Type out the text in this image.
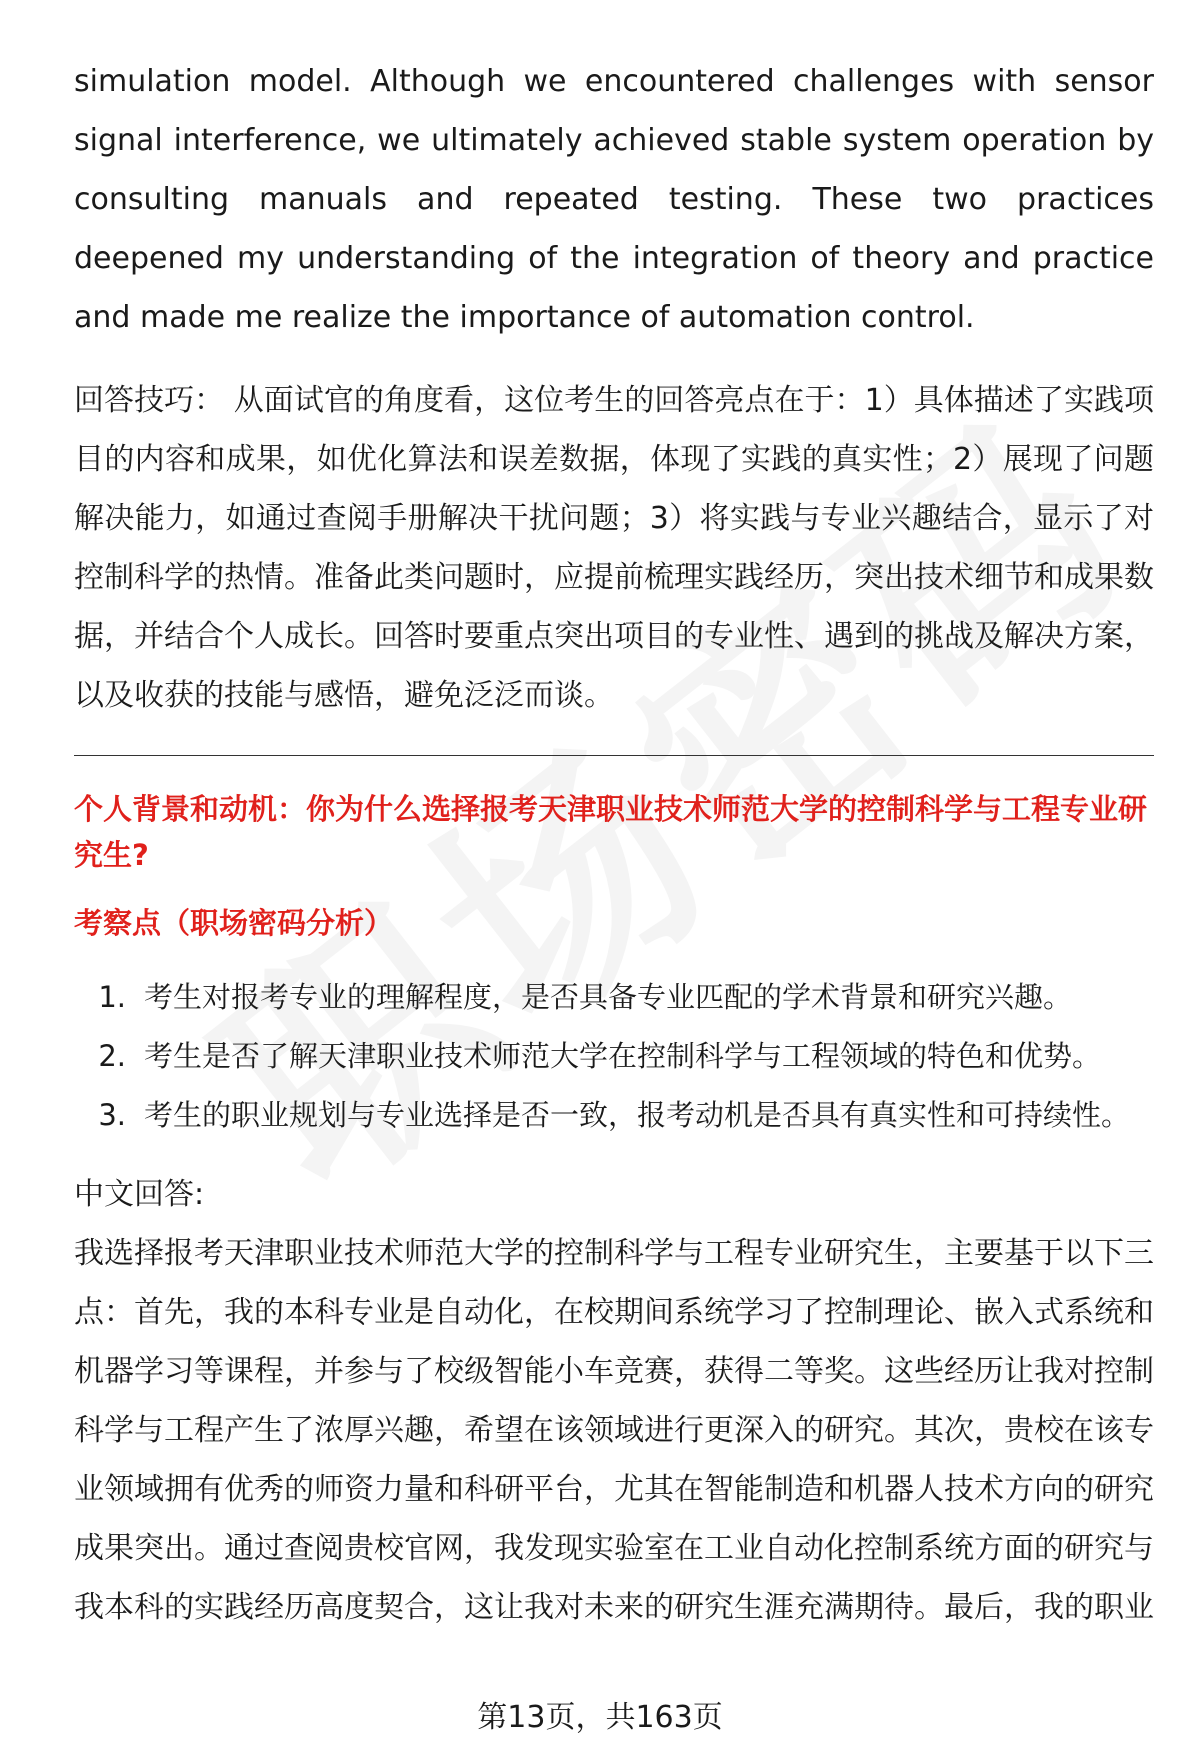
simulation model. Although we encountered challenges with sensor signal interference, we ultimately achieved stable system operation by consulting manuals and repeated testing. These two practices deepened my understanding of the integration of theory and practice and made me realize the importance of automation control.

回答技巧： 从面试官的角度看，这位考生的回答亮点在于：1）具体描述了实践项目的内容和成果，如优化算法和误差数据，体现了实践的真实性；2）展现了问题解决能力，如通过查阅手册解决干扰问题；3）将实践与专业兴趣结合，显示了对控制科学的热情。准备此类问题时，应提前梳理实践经历，突出技术细节和成果数据，并结合个人成长。回答时要重点突出项目的专业性、遇到的挑战及解决方案，以及收获的技能与感悟，避免泛泛而谈。

个人背景和动机：你为什么选择报考天津职业技术师范大学的控制科学与工程专业研究生?

考察点（职场密码分析）

1. 考生对报考专业的理解程度，是否具备专业匹配的学术背景和研究兴趣。
2. 考生是否了解天津职业技术师范大学在控制科学与工程领域的特色和优势。
3. 考生的职业规划与专业选择是否一致，报考动机是否具有真实性和可持续性。

中文回答:

我选择报考天津职业技术师范大学的控制科学与工程专业研究生，主要基于以下三点：首先，我的本科专业是自动化，在校期间系统学习了控制理论、嵌入式系统和机器学习等课程，并参与了校级智能小车竞赛，获得二等奖。这些经历让我对控制科学与工程产生了浓厚兴趣，希望在该领域进行更深入的研究。其次，贵校在该专业领域拥有优秀的师资力量和科研平台，尤其在智能制造和机器人技术方向的研究成果突出。通过查阅贵校官网，我发现实验室在工业自动化控制系统方面的研究与我本科的实践经历高度契合，这让我对未来的研究生涯充满期待。最后，我的职业

第13页，共163页
